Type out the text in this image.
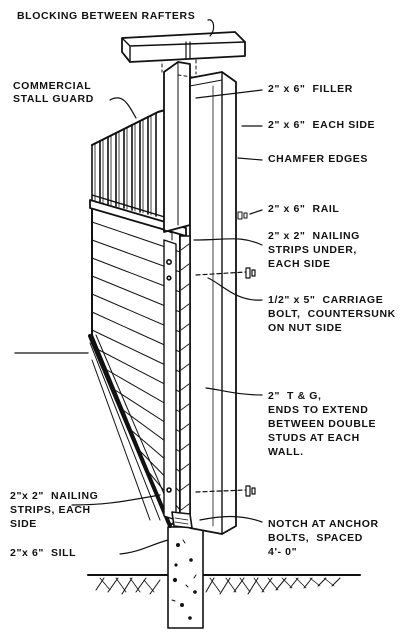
BLOCKING BETWEEN RAFTERS
COMMERCIAL
STALL GUARD
2" x 6"  FILLER
2" x 6"  EACH SIDE
CHAMFER EDGES
2" x 6"  RAIL
2" x 2"  NAILING
STRIPS UNDER,
EACH SIDE
1/2" x 5"  CARRIAGE
BOLT,  COUNTERSUNK
ON NUT SIDE
2"  T & G,
ENDS TO EXTEND
BETWEEN DOUBLE
STUDS AT EACH
WALL.
2"x 2"  NAILING
STRIPS, EACH
SIDE
2"x 6"  SILL
NOTCH AT ANCHOR
BOLTS,  SPACED
4'- 0"
